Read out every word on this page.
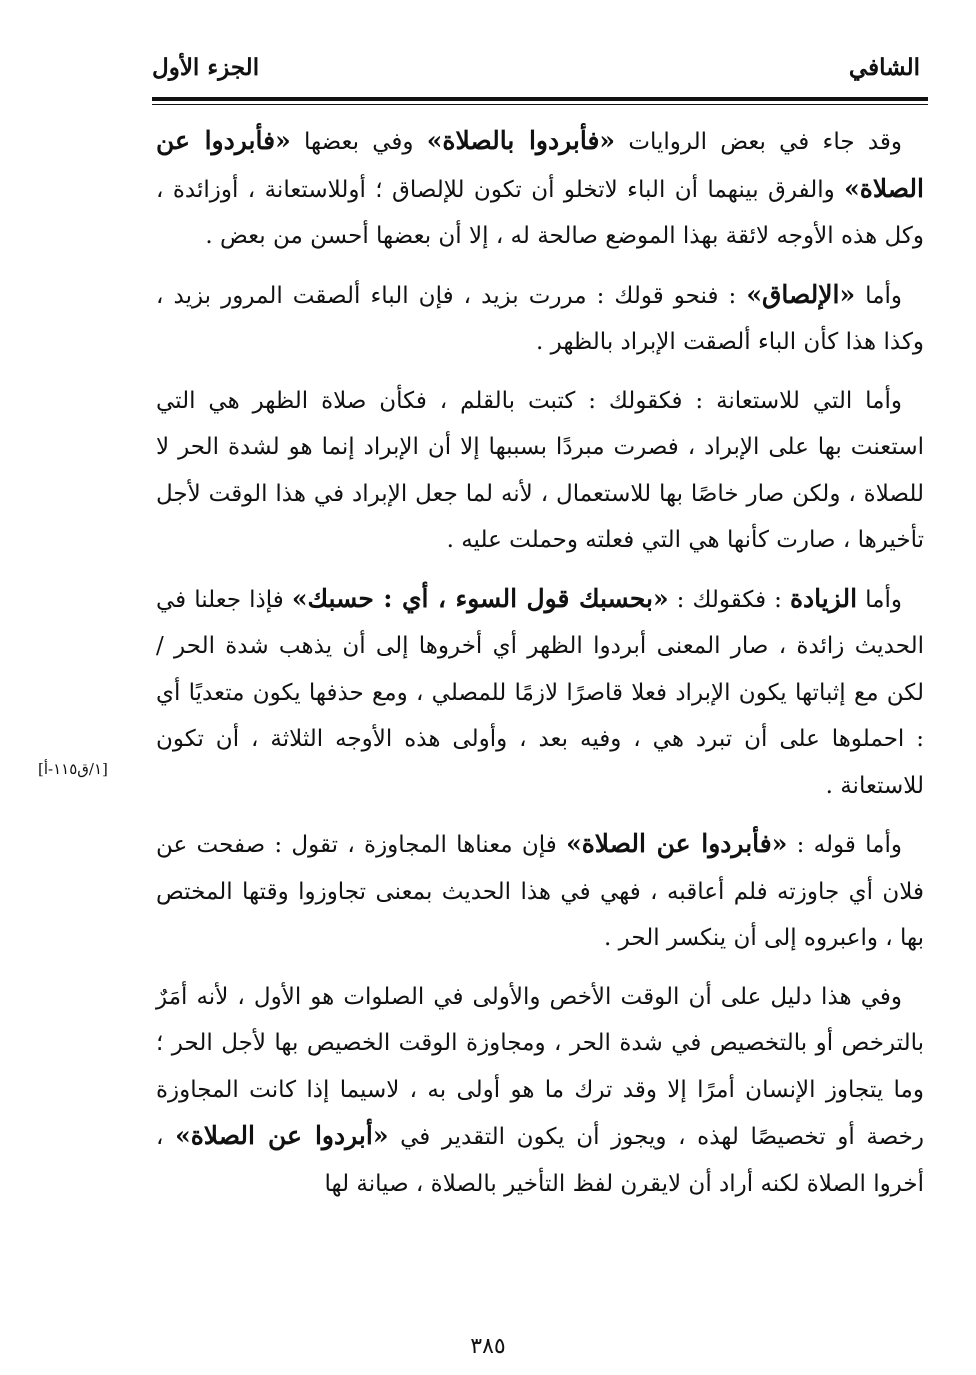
الشافي
الجزء الأول

وقد جاء في بعض الروايات «فأبردوا بالصلاة» وفي بعضها «فأبردوا عن الصلاة» والفرق بينهما أن الباء لاتخلو أن تكون للإلصاق ؛ أوللاستعانة ، أوزائدة ، وكل هذه الأوجه لائقة بهذا الموضع صالحة له ، إلا أن بعضها أحسن من بعض .

وأما «الإلصاق» : فنحو قولك : مررت بزيد ، فإن الباء ألصقت المرور بزيد ، وكذا هذا كأن الباء ألصقت الإبراد بالظهر .

وأما التي للاستعانة : فكقولك : كتبت بالقلم ، فكأن صلاة الظهر هي التي استعنت بها على الإبراد ، فصرت مبردًا بسببها إلا أن الإبراد إنما هو لشدة الحر لا للصلاة ، ولكن صار خاصًا بها للاستعمال ، لأنه لما جعل الإبراد في هذا الوقت لأجل تأخيرها ، صارت كأنها هي التي فعلته وحملت عليه .

وأما الزيادة : فكقولك : «بحسبك قول السوء ، أي : حسبك» فإذا جعلنا في الحديث زائدة ، صار المعنى أبردوا الظهر أي أخروها إلى أن يذهب شدة الحر / لكن مع إثباتها يكون الإبراد فعلا قاصرًا لازمًا للمصلي ، ومع حذفها يكون متعديًا أي : احملوها على أن تبرد هي ، وفيه بعد ، وأولى هذه الأوجه الثلاثة ، أن تكون للاستعانة .

وأما قوله : «فأبردوا عن الصلاة» فإن معناها المجاوزة ، تقول : صفحت عن فلان أي جاوزته فلم أعاقبه ، فهي في هذا الحديث بمعنى تجاوزوا وقتها المختص بها ، واعبروه إلى أن ينكسر الحر .

وفي هذا دليل على أن الوقت الأخص والأولى في الصلوات هو الأول ، لأنه أمَرٌ بالترخص أو بالتخصيص في شدة الحر ، ومجاوزة الوقت الخصيص بها لأجل الحر ؛ وما يتجاوز الإنسان أمرًا إلا وقد ترك ما هو أولى به ، لاسيما إذا كانت المجاوزة رخصة أو تخصيصًا لهذه ، ويجوز أن يكون التقدير في «أبردوا عن الصلاة» ، أخروا الصلاة لكنه أراد أن لايقرن لفظ التأخير بالصلاة ، صيانة لها

[١/ق١١٥-أ]
٣٨٥
